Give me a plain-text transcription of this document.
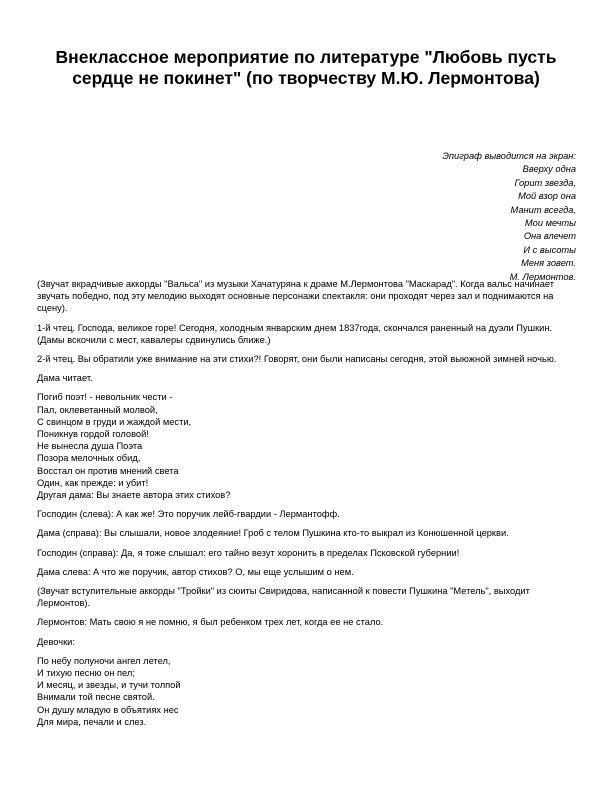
Внеклассное мероприятие по литературе "Любовь пусть сердце не покинет" (по творчеству М.Ю. Лермонтова)
Эпиграф выводится на экран:
Вверху одна
Горит звезда,
Мой взор она
Манит всегда,
Мои мечты
Она влечет
И с высоты
Меня зовет.
М. Лермонтов.

(Звучат вкрадчивые аккорды "Вальса" из музыки Хачатуряна к драме М.Лермонтова "Маскарад". Когда вальс начинает звучать победно, под эту мелодию выходят основные персонажи спектакля: они проходят через зал и поднимаются на сцену).

1-й чтец. Господа, великое горе! Сегодня, холодным январским днем 1837года, скончался раненный на дуэли Пушкин. (Дамы вскочили с мест, кавалеры сдвинулись ближе.)

2-й чтец. Вы обратили уже внимание на эти стихи?! Говорят, они были написаны сегодня, этой выюжной зимней ночью.

Дама читает.

Погиб поэт! - невольник чести -
Пал, оклеветанный молвой,
С свинцом в груди и жаждой мести,
Поникнув гордой головой!
Не вынесла душа Поэта
Позора мелочных обид,
Восстал он против мнений света
Один, как прежде: и убит!
Другая дама: Вы знаете автора этих стихов?

Господин (слева): А как же! Это поручик лейб-гвардии - Лермантофф.

Дама (справа): Вы слышали, новое злодеяние! Гроб с телом Пушкина кто-то выкрал из Конюшенной церкви.

Господин (справа): Да, я тоже слышал: его тайно везут хоронить в пределах Псковской губернии!

Дама слева: А что же поручик, автор стихов? О, мы еще услышим о нем.

(Звучат вступительные аккорды "Тройки" из сюиты Свиридова, написанной к повести Пушкина "Метель", выходит Лермонтов).

Лермонтов: Мать свою я не помню, я был ребенком трех лет, когда ее не стало.

Девочки:

По небу полуночи ангел летел,
И тихую песню он пел;
И месяц, и звезды, и тучи толпой
Внимали той песне святой.
Он душу младую в объятиях нес
Для мира, печали и слез.
